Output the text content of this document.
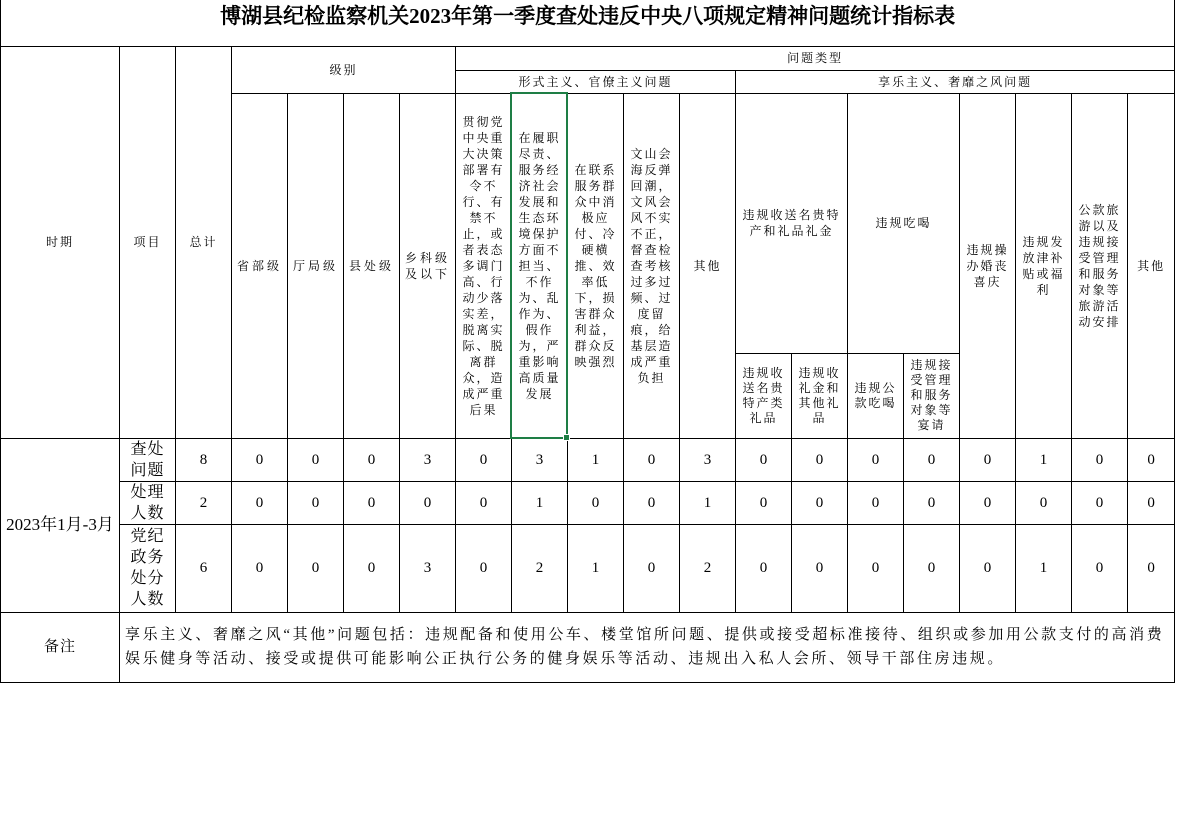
博湖县纪检监察机关2023年第一季度查处违反中央八项规定精神问题统计指标表																			
时期	项目	总计	级别				问题类型												
							形式主义、官僚主义问题					享乐主义、奢靡之风问题							
			省部级	厅局级	县处级	乡科级及以下	贯彻党中央重大决策部署有令不行、有禁不止，或者表态多调门高、行动少落实差，脱离实际、脱离群众，造成严重后果	在履职尽责、服务经济社会发展和生态环境保护方面不担当、不作为、乱作为、假作为，严重影响高质量发展	在联系服务群众中消极应付、冷硬横推、效率低下，损害群众利益，群众反映强烈	文山会海反弹回潮，文风会风不实不正，督查检查考核过多过频、过度留痕，给基层造成严重负担	其他	违规收送名贵特产和礼品礼金		违规吃喝		违规操办婚丧喜庆	违规发放津补贴或福利	公款旅游以及违规接受管理和服务对象等旅游活动安排	其他
												违规收送名贵特产类礼品	违规收礼金和其他礼品	违规公款吃喝	违规接受管理和服务对象等宴请				
2023年1月-3月	查处问题	8	0	0	0	3	0	3	1	0	3	0	0	0	0	0	1	0	0
	处理人数	2	0	0	0	0	0	1	0	0	1	0	0	0	0	0	0	0	0
	党纪政务处分人数	6	0	0	0	3	0	2	1	0	2	0	0	0	0	0	1	0	0
备注	享乐主义、奢靡之风“其他”问题包括：违规配备和使用公车、楼堂馆所问题、提供或接受超标准接待、组织或参加用公款支付的高消费娱乐健身等活动、接受或提供可能影响公正执行公务的健身娱乐等活动、违规出入私人会所、领导干部住房违规。																		
